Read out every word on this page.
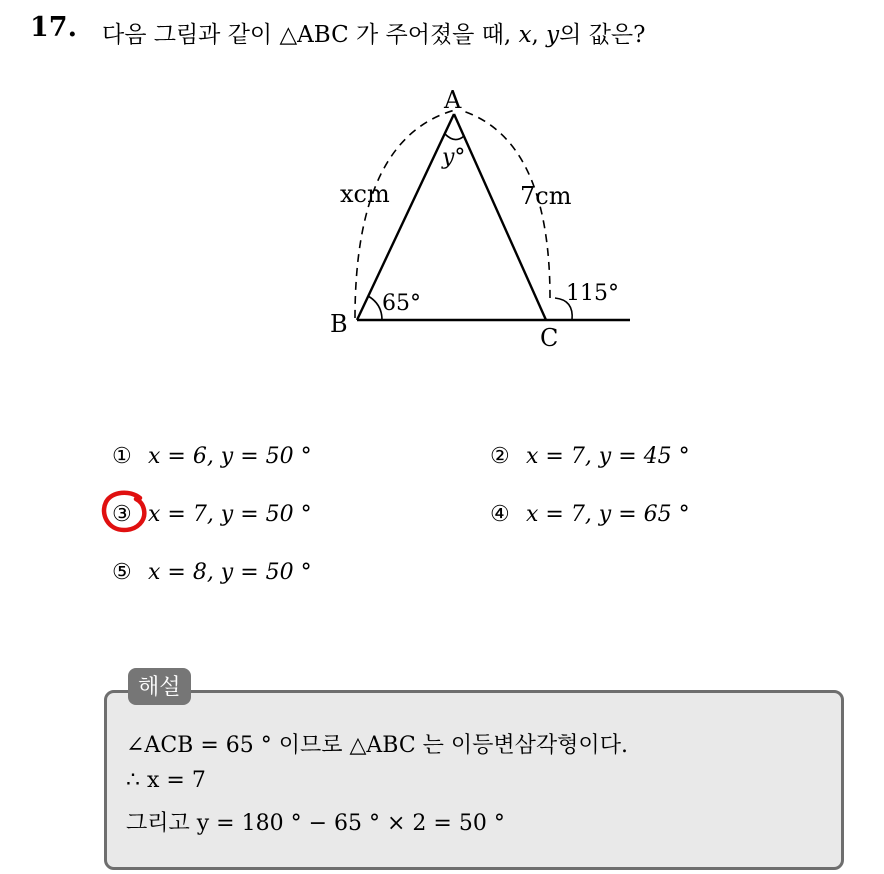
17. 다음 그림과 같이 △ABC 가 주어졌을 때, x, y의 값은?
A
B	C
xcm	7cm
y°
65°	115°
① x = 6, y = 50 °	② x = 7, y = 45 °
③ x = 7, y = 50 °	④ x = 7, y = 65 °
⑤ x = 8, y = 50 °
해설
∠ACB = 65 ° 이므로 △ABC 는 이등변삼각형이다.
∴ x = 7
그리고 y = 180 ° − 65 ° × 2 = 50 °
